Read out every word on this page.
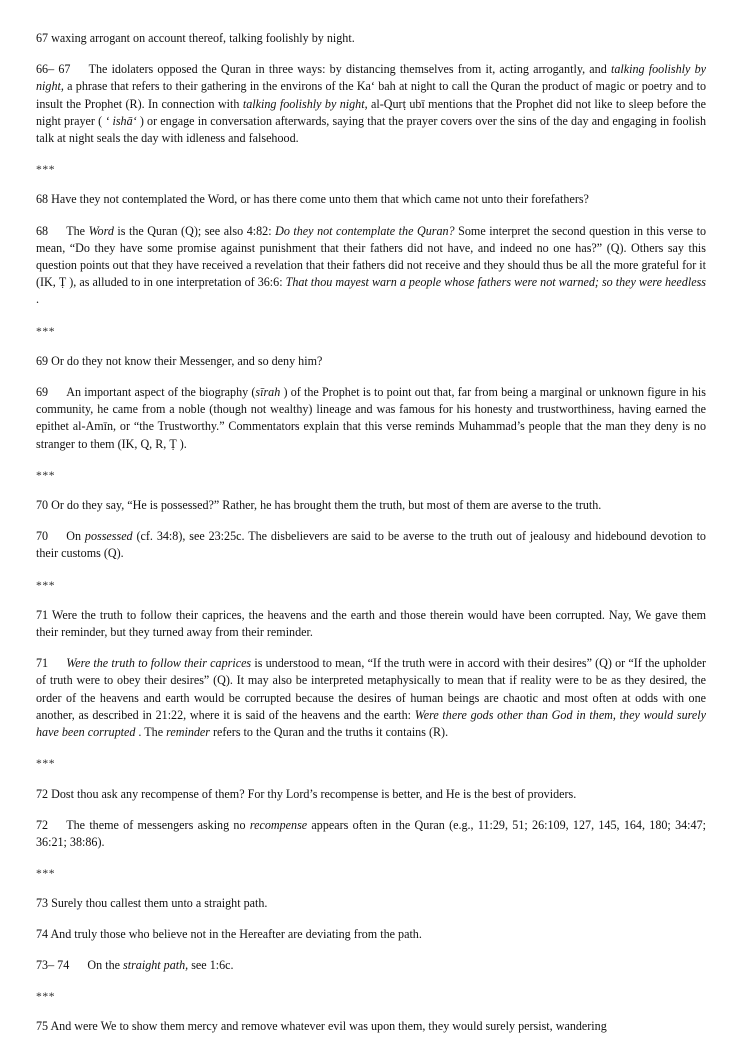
67 waxing arrogant on account thereof, talking foolishly by night.

66– 67   The idolaters opposed the Quran in three ways: by distancing themselves from it, acting arrogantly, and talking foolishly by night, a phrase that refers to their gathering in the environs of the Kaʻ bah at night to call the Quran the product of magic or poetry and to insult the Prophet (R). In connection with talking foolishly by night, al-Qurṭ ubī mentions that the Prophet did not like to sleep before the night prayer ( ʻ ishāʻ ) or engage in conversation afterwards, saying that the prayer covers over the sins of the day and engaging in foolish talk at night seals the day with idleness and falsehood.

***

68 Have they not contemplated the Word, or has there come unto them that which came not unto their forefathers?

68   The Word is the Quran (Q); see also 4:82: Do they not contemplate the Quran? Some interpret the second question in this verse to mean, “Do they have some promise against punishment that their fathers did not have, and indeed no one has?” (Q). Others say this question points out that they have received a revelation that their fathers did not receive and they should thus be all the more grateful for it (IK, Ṭ ), as alluded to in one interpretation of 36:6: That thou mayest warn a people whose fathers were not warned; so they were heedless .

***

69 Or do they not know their Messenger, and so deny him?

69   An important aspect of the biography (sīrah ) of the Prophet is to point out that, far from being a marginal or unknown figure in his community, he came from a noble (though not wealthy) lineage and was famous for his honesty and trustworthiness, having earned the epithet al-Amīn, or “the Trustworthy.” Commentators explain that this verse reminds Muhammad’s people that the man they deny is no stranger to them (IK, Q, R, Ṭ ).

***

70 Or do they say, “He is possessed?” Rather, he has brought them the truth, but most of them are averse to the truth.

70   On possessed (cf. 34:8), see 23:25c. The disbelievers are said to be averse to the truth out of jealousy and hidebound devotion to their customs (Q).

***

71 Were the truth to follow their caprices, the heavens and the earth and those therein would have been corrupted. Nay, We gave them their reminder, but they turned away from their reminder.

71   Were the truth to follow their caprices is understood to mean, “If the truth were in accord with their desires” (Q) or “If the upholder of truth were to obey their desires” (Q). It may also be interpreted metaphysically to mean that if reality were to be as they desired, the order of the heavens and earth would be corrupted because the desires of human beings are chaotic and most often at odds with one another, as described in 21:22, where it is said of the heavens and the earth: Were there gods other than God in them, they would surely have been corrupted . The reminder refers to the Quran and the truths it contains (R).

***

72 Dost thou ask any recompense of them? For thy Lord’s recompense is better, and He is the best of providers.

72   The theme of messengers asking no recompense appears often in the Quran (e.g., 11:29, 51; 26:109, 127, 145, 164, 180; 34:47; 36:21; 38:86).

***

73 Surely thou callest them unto a straight path.

74 And truly those who believe not in the Hereafter are deviating from the path.

73– 74   On the straight path, see 1:6c.

***

75 And were We to show them mercy and remove whatever evil was upon them, they would surely persist, wandering
